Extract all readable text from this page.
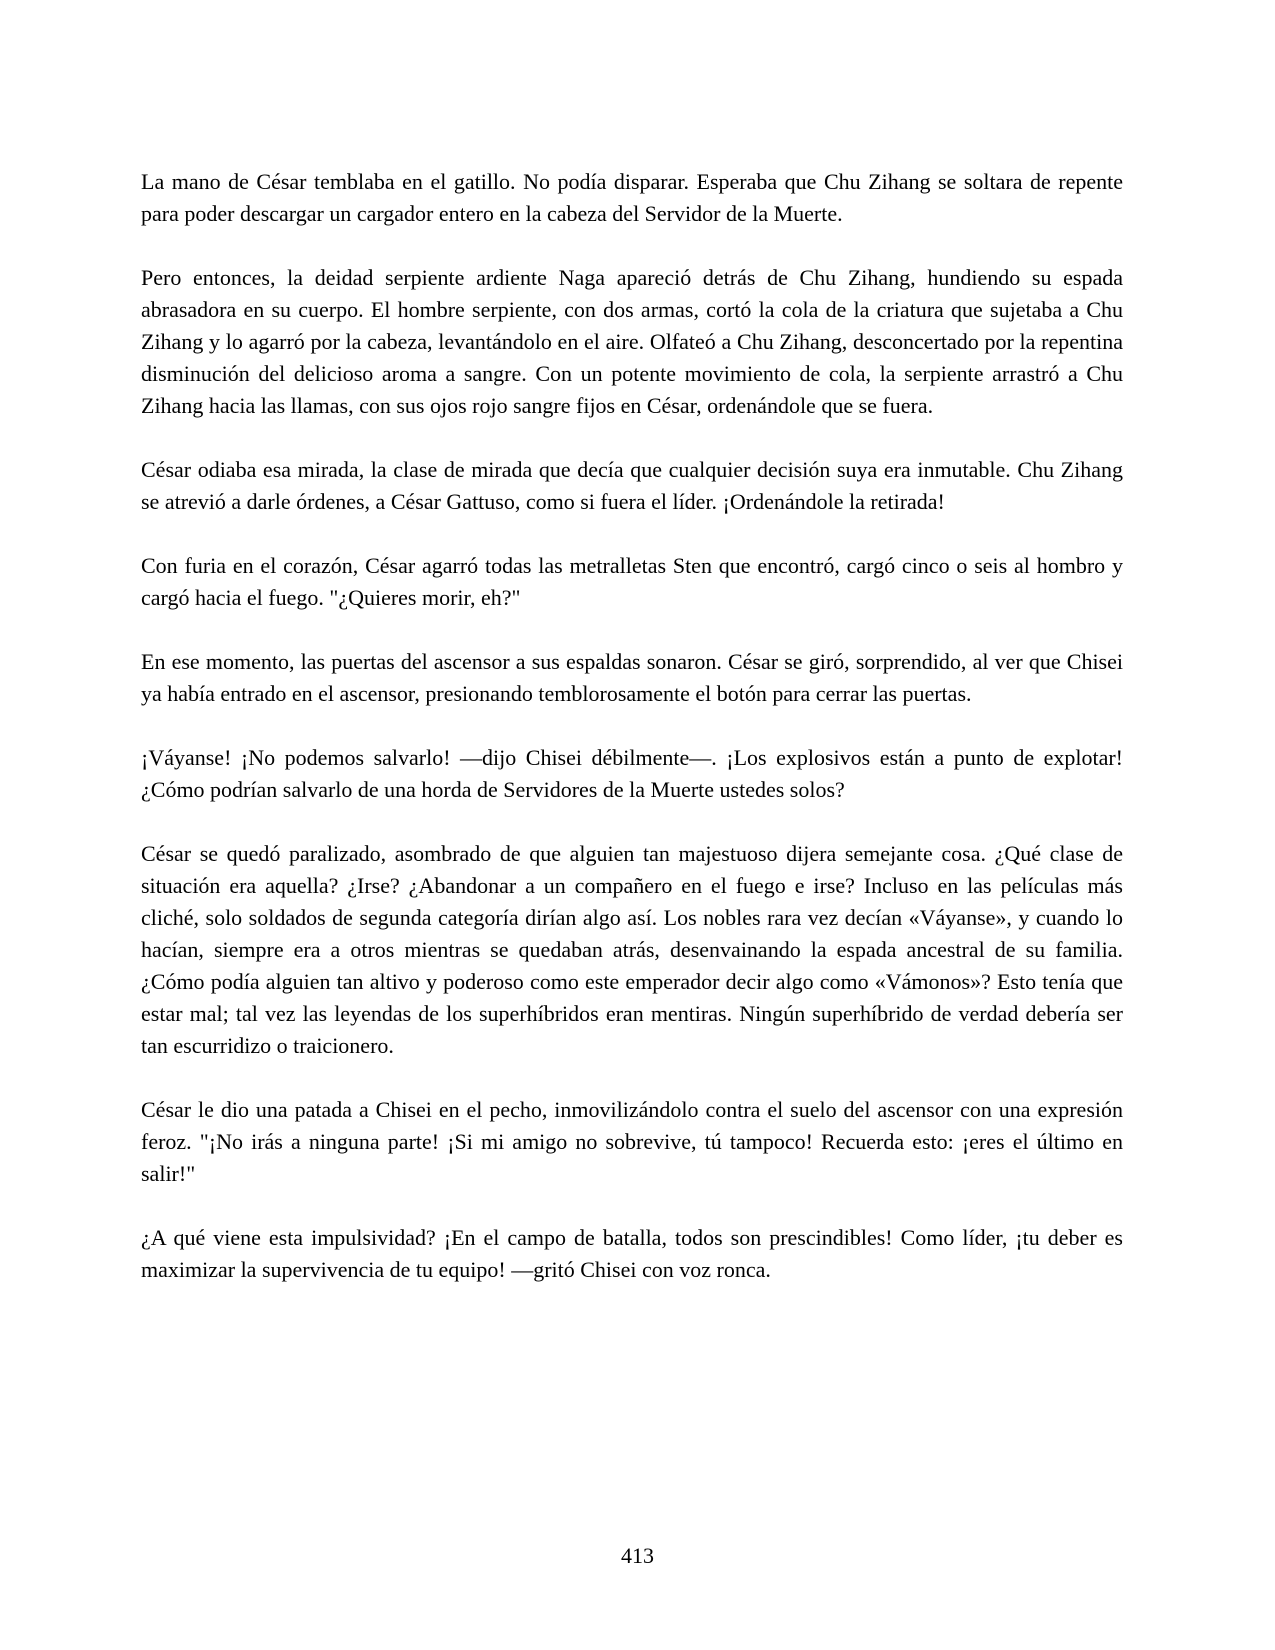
La mano de César temblaba en el gatillo. No podía disparar. Esperaba que Chu Zihang se soltara de repente para poder descargar un cargador entero en la cabeza del Servidor de la Muerte.

Pero entonces, la deidad serpiente ardiente Naga apareció detrás de Chu Zihang, hundiendo su espada abrasadora en su cuerpo. El hombre serpiente, con dos armas, cortó la cola de la criatura que sujetaba a Chu Zihang y lo agarró por la cabeza, levantándolo en el aire. Olfateó a Chu Zihang, desconcertado por la repentina disminución del delicioso aroma a sangre. Con un potente movimiento de cola, la serpiente arrastró a Chu Zihang hacia las llamas, con sus ojos rojo sangre fijos en César, ordenándole que se fuera.

César odiaba esa mirada, la clase de mirada que decía que cualquier decisión suya era inmutable. Chu Zihang se atrevió a darle órdenes, a César Gattuso, como si fuera el líder. ¡Ordenándole la retirada!

Con furia en el corazón, César agarró todas las metralletas Sten que encontró, cargó cinco o seis al hombro y cargó hacia el fuego. "¿Quieres morir, eh?"

En ese momento, las puertas del ascensor a sus espaldas sonaron. César se giró, sorprendido, al ver que Chisei ya había entrado en el ascensor, presionando temblorosamente el botón para cerrar las puertas.

¡Váyanse! ¡No podemos salvarlo! —dijo Chisei débilmente—. ¡Los explosivos están a punto de explotar! ¿Cómo podrían salvarlo de una horda de Servidores de la Muerte ustedes solos?

César se quedó paralizado, asombrado de que alguien tan majestuoso dijera semejante cosa. ¿Qué clase de situación era aquella? ¿Irse? ¿Abandonar a un compañero en el fuego e irse? Incluso en las películas más cliché, solo soldados de segunda categoría dirían algo así. Los nobles rara vez decían «Váyanse», y cuando lo hacían, siempre era a otros mientras se quedaban atrás, desenvainando la espada ancestral de su familia. ¿Cómo podía alguien tan altivo y poderoso como este emperador decir algo como «Vámonos»? Esto tenía que estar mal; tal vez las leyendas de los superhíbridos eran mentiras. Ningún superhíbrido de verdad debería ser tan escurridizo o traicionero.

César le dio una patada a Chisei en el pecho, inmovilizándolo contra el suelo del ascensor con una expresión feroz. "¡No irás a ninguna parte! ¡Si mi amigo no sobrevive, tú tampoco! Recuerda esto: ¡eres el último en salir!"

¿A qué viene esta impulsividad? ¡En el campo de batalla, todos son prescindibles! Como líder, ¡tu deber es maximizar la supervivencia de tu equipo! —gritó Chisei con voz ronca.

413
